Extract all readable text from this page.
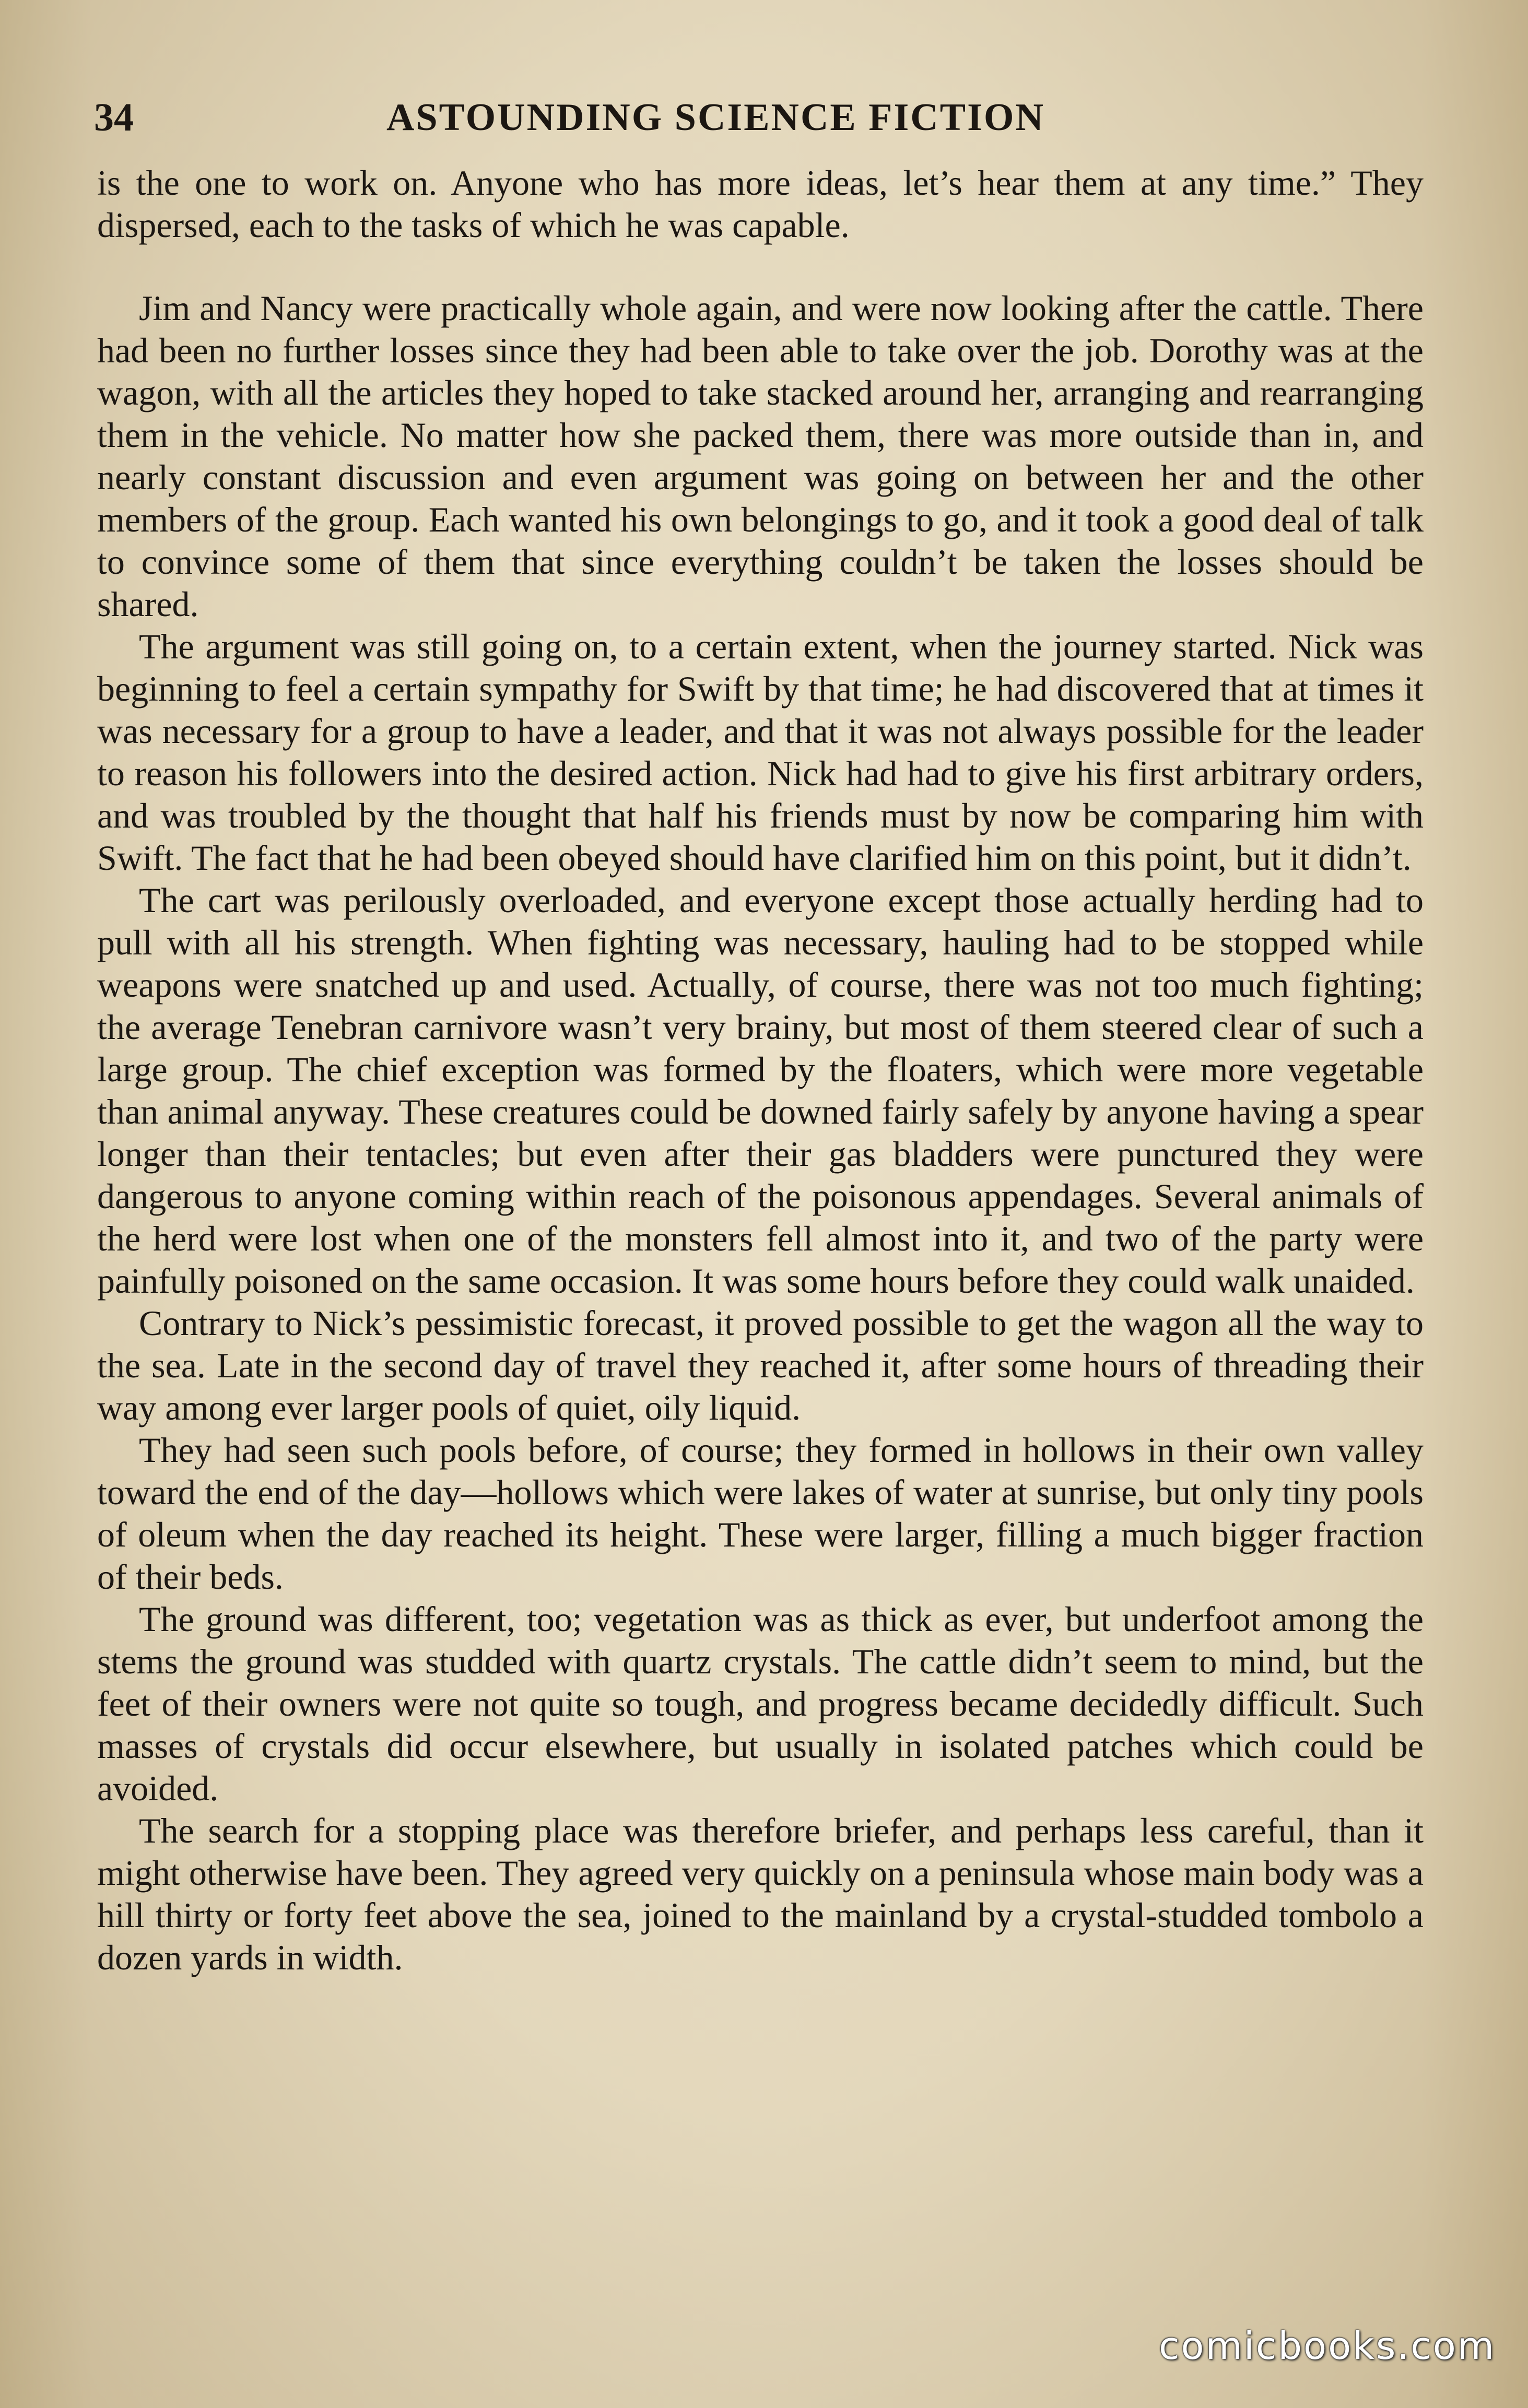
34	ASTOUNDING SCIENCE FICTION

is the one to work on. Anyone who has more ideas, let’s hear them at any time.” They dispersed, each to the tasks of which he was capable.

Jim and Nancy were practically whole again, and were now looking after the cattle. There had been no further losses since they had been able to take over the job. Dorothy was at the wagon, with all the articles they hoped to take stacked around her, arranging and rearranging them in the vehicle. No matter how she packed them, there was more outside than in, and nearly constant discussion and even argument was going on between her and the other members of the group. Each wanted his own belongings to go, and it took a good deal of talk to convince some of them that since everything couldn’t be taken the losses should be shared.

The argument was still going on, to a certain extent, when the journey started. Nick was beginning to feel a certain sympathy for Swift by that time; he had discovered that at times it was necessary for a group to have a leader, and that it was not always possible for the leader to reason his followers into the desired action. Nick had had to give his first arbitrary orders, and was troubled by the thought that half his friends must by now be comparing him with Swift. The fact that he had been obeyed should have clarified him on this point, but it didn’t.

The cart was perilously overloaded, and everyone except those actually herding had to pull with all his strength. When fighting was necessary, hauling had to be stopped while weapons were snatched up and used. Actually, of course, there was not too much fighting; the average Tenebran carnivore wasn’t very brainy, but most of them steered clear of such a large group. The chief exception was formed by the floaters, which were more vegetable than animal anyway. These creatures could be downed fairly safely by anyone having a spear longer than their tentacles; but even after their gas bladders were punctured they were dangerous to anyone coming within reach of the poisonous appendages. Several animals of the herd were lost when one of the monsters fell almost into it, and two of the party were painfully poisoned on the same occasion. It was some hours before they could walk unaided.

Contrary to Nick’s pessimistic forecast, it proved possible to get the wagon all the way to the sea. Late in the second day of travel they reached it, after some hours of threading their way among ever larger pools of quiet, oily liquid.

They had seen such pools before, of course; they formed in hollows in their own valley toward the end of the day—hollows which were lakes of water at sunrise, but only tiny pools of oleum when the day reached its height. These were larger, filling a much bigger fraction of their beds.

The ground was different, too; vegetation was as thick as ever, but underfoot among the stems the ground was studded with quartz crystals. The cattle didn’t seem to mind, but the feet of their owners were not quite so tough, and progress became decidedly difficult. Such masses of crystals did occur elsewhere, but usually in isolated patches which could be avoided.

The search for a stopping place was therefore briefer, and perhaps less careful, than it might otherwise have been. They agreed very quickly on a peninsula whose main body was a hill thirty or forty feet above the sea, joined to the mainland by a crystal-studded tombolo a dozen yards in width.

comicbooks.com
